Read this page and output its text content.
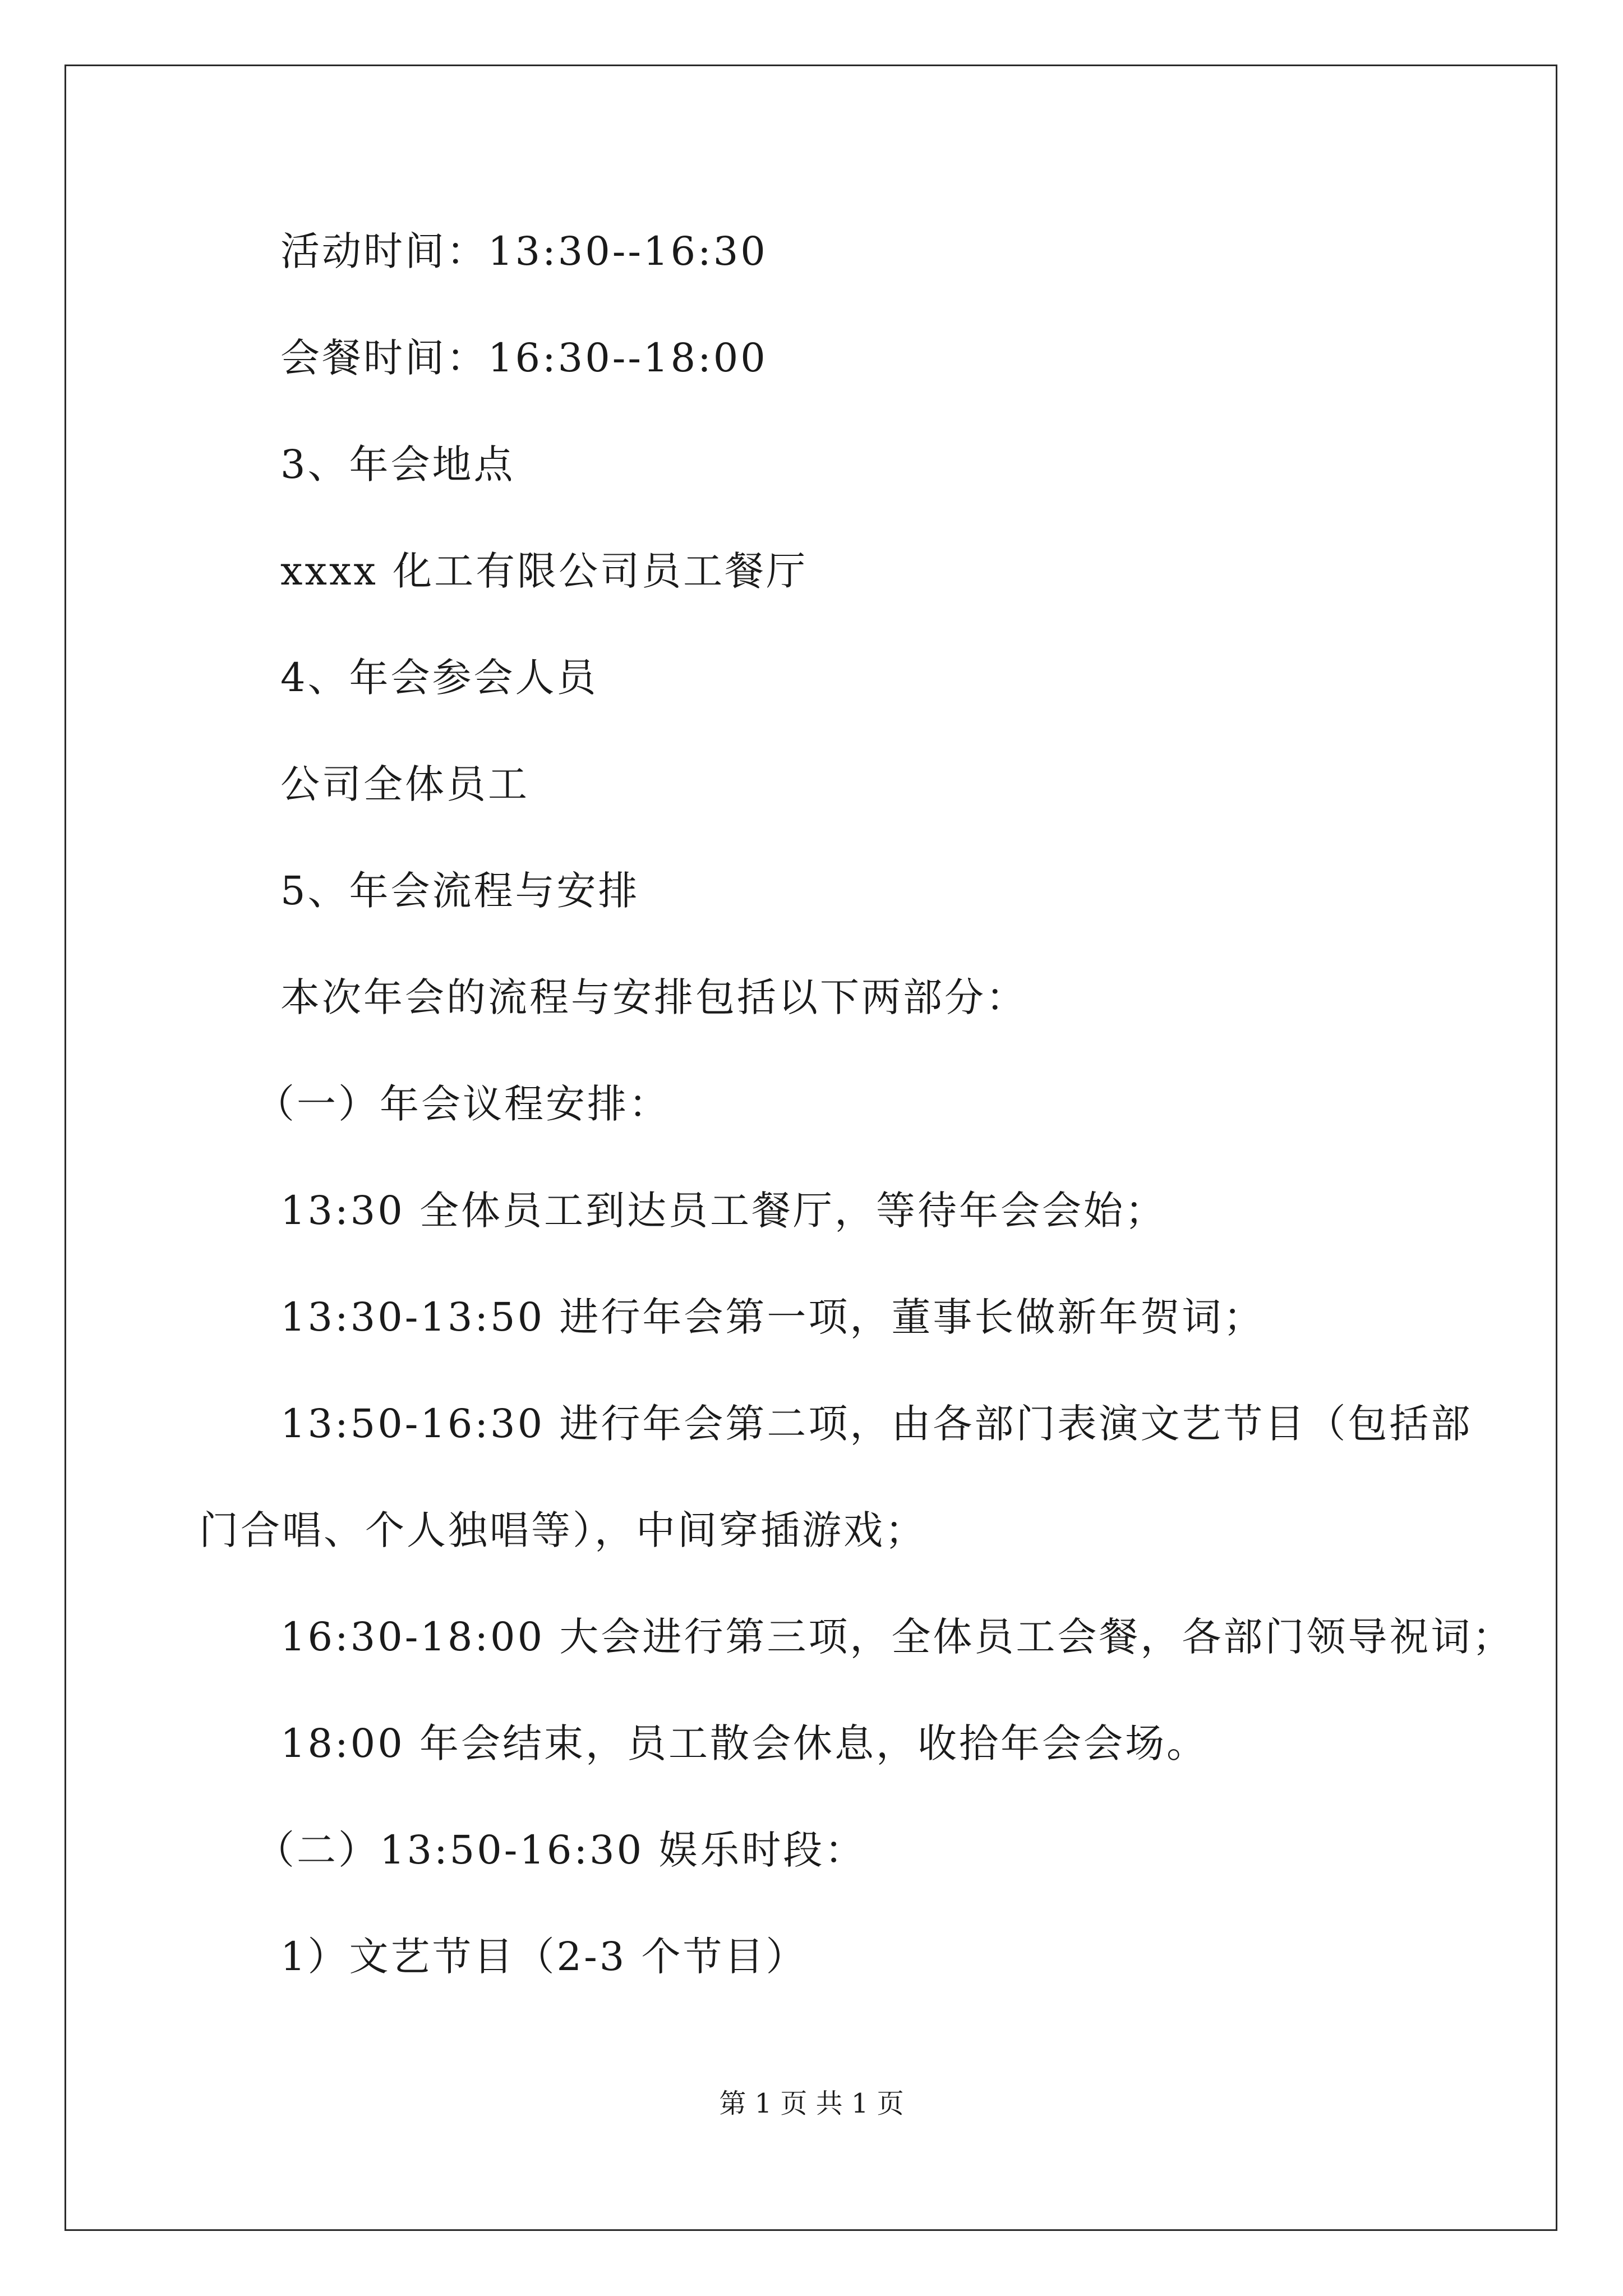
活动时间：13:30--16:30
会餐时间：16:30--18:00
3、年会地点
xxxx 化工有限公司员工餐厅
4、年会参会人员
公司全体员工
5、年会流程与安排
本次年会的流程与安排包括以下两部分：
（一）年会议程安排：
13:30 全体员工到达员工餐厅，等待年会会始；
13:30-13:50 进行年会第一项，董事长做新年贺词；
13:50-16:30 进行年会第二项，由各部门表演文艺节目（包括部
门合唱、个人独唱等），中间穿插游戏；
16:30-18:00 大会进行第三项，全体员工会餐，各部门领导祝词；
18:00 年会结束，员工散会休息，收拾年会会场。
（二）13:50-16:30 娱乐时段：
1）文艺节目（2-3 个节目）
第 1 页 共 1 页
